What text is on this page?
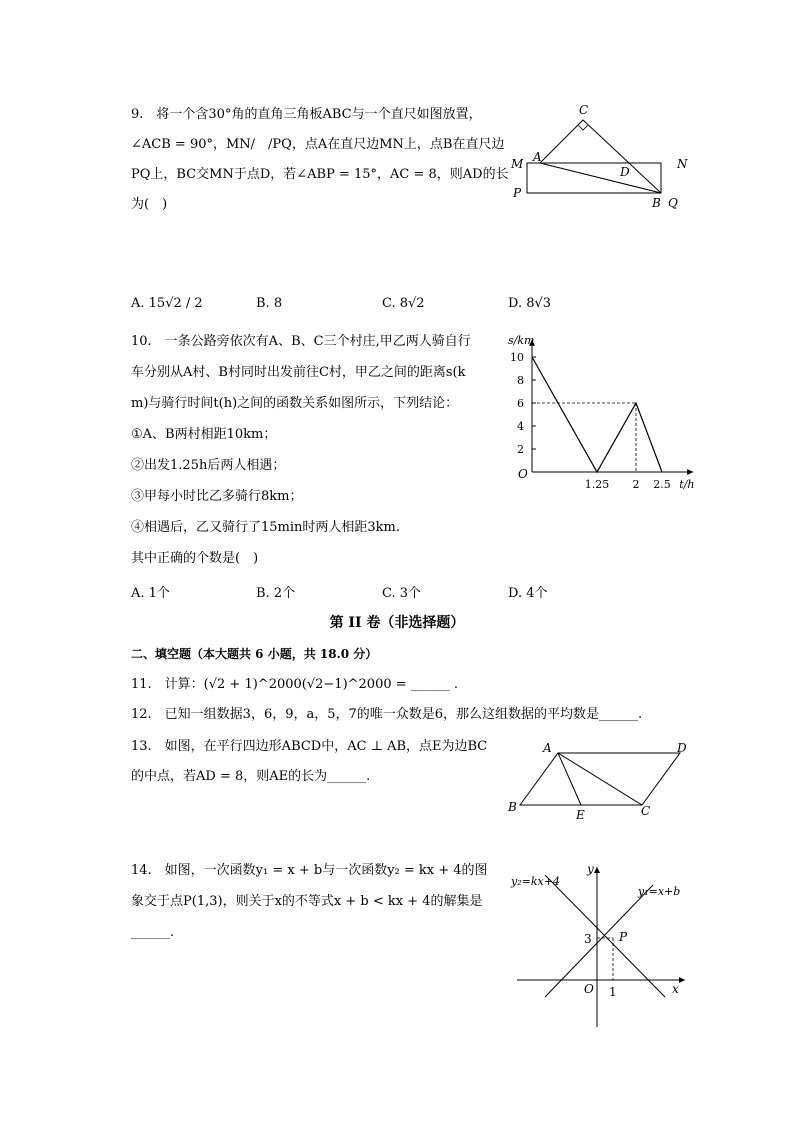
9.　将一个含30°角的直角三角板ABC与一个直尺如图放置，
∠ACB = 90°，MN/　/PQ，点A在直尺边MN上，点B在直尺边
PQ上，BC交MN于点D，若∠ABP = 15°，AC = 8，则AD的长
为(　)
C
M A	N
D
P
B Q
A. 15√2 / 2	B. 8	C. 8√2	D. 8√3
10.　一条公路旁依次有A、B、C三个村庄,甲乙两人骑自行
车分别从A村、B村同时出发前往C村，甲乙之间的距离s(k
m)与骑行时间t(h)之间的函数关系如图所示，下列结论：
①A、B两村相距10km；
②出发1.25h后两人相遇；
③甲每小时比乙多骑行8km；
④相遇后，乙又骑行了15min时两人相距3km.
其中正确的个数是(　)
2
4
6
8
10
1.25 2 2.5
s/km
t/h
O
A. 1个	B. 2个	C. 3个	D. 4个
第 II 卷（非选择题）
二、填空题（本大题共 6 小题，共 18.0 分）
11.　计算：(√2 + 1)^2000(√2−1)^2000 = ______ .
12.　已知一组数据3，6，9，a，5，7的唯一众数是6，那么这组数据的平均数是______.
13.　如图，在平行四边形ABCD中，AC ⊥ AB，点E为边BC
的中点，若AD = 8，则AE的长为______.
A	D
B
E	C
14.　如图，一次函数y₁ = x + b与一次函数y₂ = kx + 4的图
象交于点P(1,3)，则关于x的不等式x + b < kx + 4的解集是
______.
y₂=kx+4
y₁=x+b
y
x
O 1
3 P
